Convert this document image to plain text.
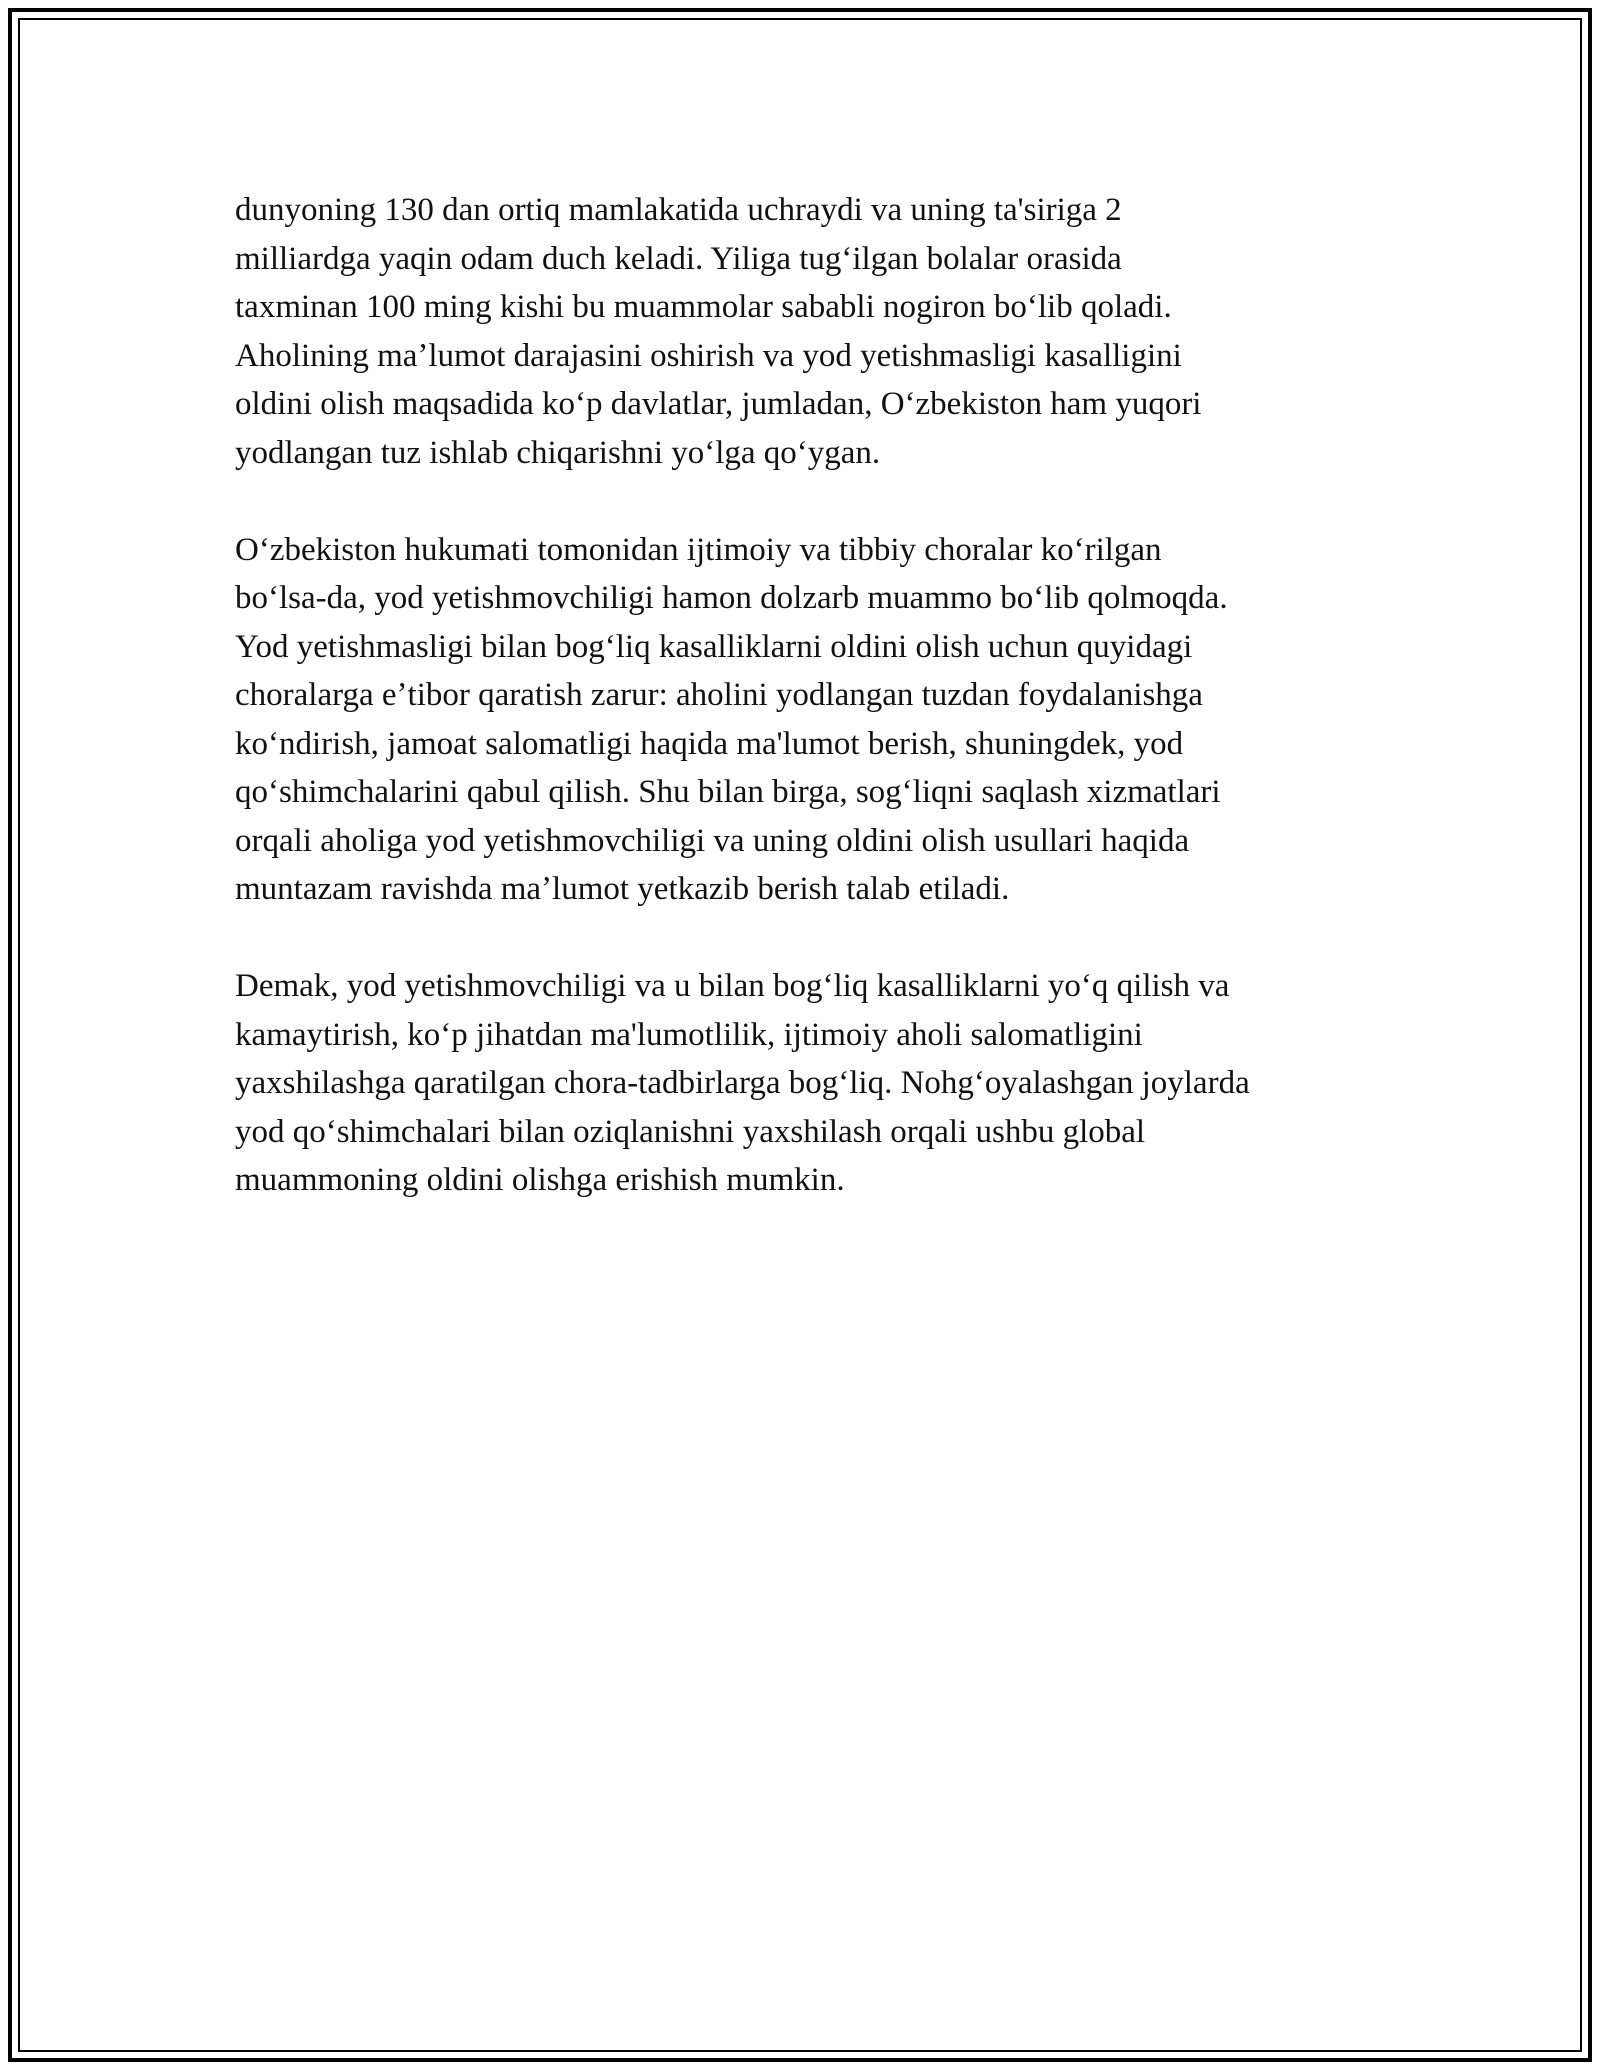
dunyoning 130 dan ortiq mamlakatida uchraydi va uning ta'siriga 2
milliardga yaqin odam duch keladi. Yiliga tugʻilgan bolalar orasida
taxminan 100 ming kishi bu muammolar sababli nogiron boʻlib qoladi.
Aholining maʼlumot darajasini oshirish va yod yetishmasligi kasalligini
oldini olish maqsadida koʻp davlatlar, jumladan, Oʻzbekiston ham yuqori
yodlangan tuz ishlab chiqarishni yoʻlga qoʻygan.
Oʻzbekiston hukumati tomonidan ijtimoiy va tibbiy choralar koʻrilgan
boʻlsa-da, yod yetishmovchiligi hamon dolzarb muammo boʻlib qolmoqda.
Yod yetishmasligi bilan bogʻliq kasalliklarni oldini olish uchun quyidagi
choralarga eʼtibor qaratish zarur: aholini yodlangan tuzdan foydalanishga
koʻndirish, jamoat salomatligi haqida ma'lumot berish, shuningdek, yod
qoʻshimchalarini qabul qilish. Shu bilan birga, sogʻliqni saqlash xizmatlari
orqali aholiga yod yetishmovchiligi va uning oldini olish usullari haqida
muntazam ravishda maʼlumot yetkazib berish talab etiladi.
Demak, yod yetishmovchiligi va u bilan bogʻliq kasalliklarni yoʻq qilish va
kamaytirish, koʻp jihatdan ma'lumotlilik, ijtimoiy aholi salomatligini
yaxshilashga qaratilgan chora-tadbirlarga bogʻliq. Nohgʻoyalashgan joylarda
yod qoʻshimchalari bilan oziqlanishni yaxshilash orqali ushbu global
muammoning oldini olishga erishish mumkin.
